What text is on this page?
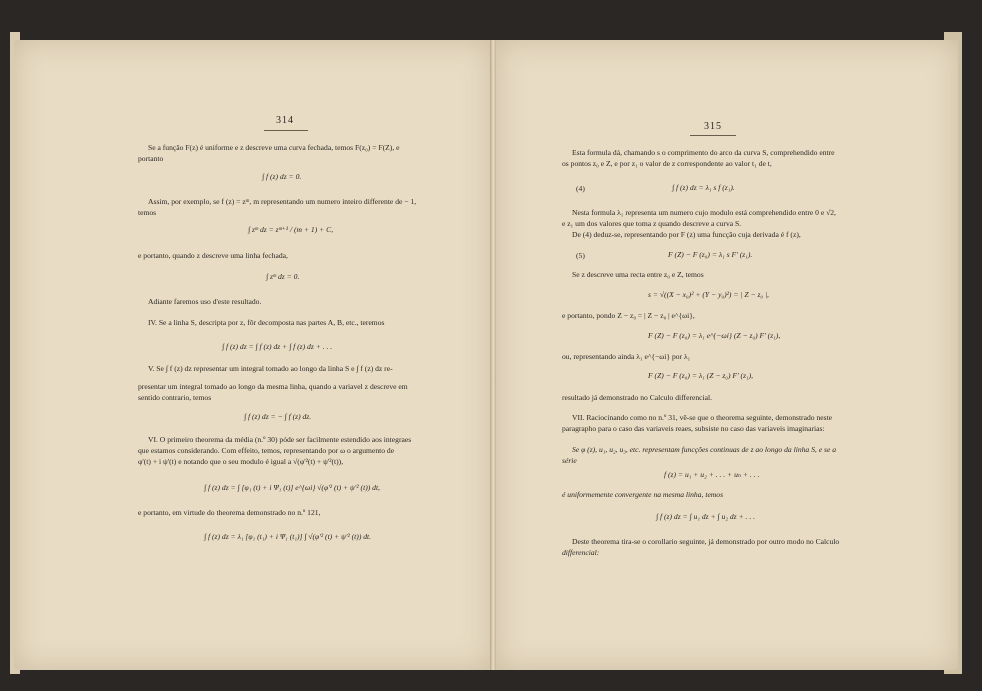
314
Se a função F(z) é uniforme e z descreve uma curva fechada, temos F(z₀) = F(Z), e
portanto
∫ f (z) dz = 0.
Assim, por exemplo, se f (z) = zᵐ, m representando um numero inteiro differente de − 1,
temos
∫ zᵐ dz = zᵐ⁺¹ / (m + 1) + C,
e portanto, quando z descreve uma linha fechada,
∫ zᵐ dz = 0.
Adiante faremos uso d'este resultado.
IV. Se a linha S, descripta por z, fôr decomposta nas partes A, B, etc., teremos
∫ f (z) dz = ∫ f (z) dz + ∫ f (z) dz + . . .
V. Se ∫ f (z) dz representar um integral tomado ao longo da linha S e ∫ f (z) dz re-
presentar um integral tomado ao longo da mesma linha, quando a variavel z descreve em
sentido contrario, temos
∫ f (z) dz = − ∫ f (z) dz.
VI. O primeiro theorema da média (n.º 30) póde ser facilmente estendido aos integraes
que estamos considerando. Com effeito, temos, representando por ω o argumento de
φ'(t) + i ψ'(t) e notando que o seu modulo é igual a √(φ'²(t) + ψ'²(t)),
∫ f (z) dz = ∫ [φ₁ (t) + i Ψ₁ (t)] e^{ωi} √(φ'² (t) + ψ'² (t)) dt,
e portanto, em virtude do theorema demonstrado no n.º 121,
∫ f (z) dz = λ₁ [φ₁ (t₁) + i Ψ₁ (t₁)] ∫ √(φ'² (t) + ψ'² (t)) dt.
315
Esta formula dá, chamando s o comprimento do arco da curva S, comprehendido entre
os pontos z₀ e Z, e por z₁ o valor de z correspondente ao valor t₁ de t,
(4)	∫ f (z) dz = λ₁ s f (z₁).
Nesta formula λ₁ representa um numero cujo modulo está comprehendido entre 0 e √2,
e z₁ um dos valores que toma z quando descreve a curva S.
De (4) deduz-se, representando por F (z) uma funcção cuja derivada é f (z),
(5)	F (Z) − F (z₀) = λ₁ s F' (z₁).
Se z descreve uma recta entre z₀ e Z, temos
s = √((X − x₀)² + (Y − y₀)²) = | Z − z₀ |,
e portanto, pondo Z − z₀ = | Z − z₀ | e^{ωi},
F (Z) − F (z₀) = λ₁ e^{−ωi} (Z − z₀) F' (z₁),
ou, representando ainda λ₁ e^{−ωi} por λ₁
F (Z) − F (z₀) = λ₁ (Z − z₀) F' (z₁),
resultado já demonstrado no Calculo differencial.
VII. Raciocinando como no n.º 31, vê-se que o theorema seguinte, demonstrado neste
paragrapho para o caso das variaveis reaes, subsiste no caso das variaveis imaginarias:
Se φ (z), u₁, u₂, u₃, etc. representam funcções continuas de z ao longo da linha S, e se a
série
f (z) = u₁ + u₂ + . . . + uₙ + . . .
é uniformemente convergente na mesma linha, temos
∫ f (z) dz = ∫ u₁ dz + ∫ u₂ dz + . . .
Deste theorema tira-se o corollario seguinte, já demonstrado por outro modo no Calculo
differencial:
